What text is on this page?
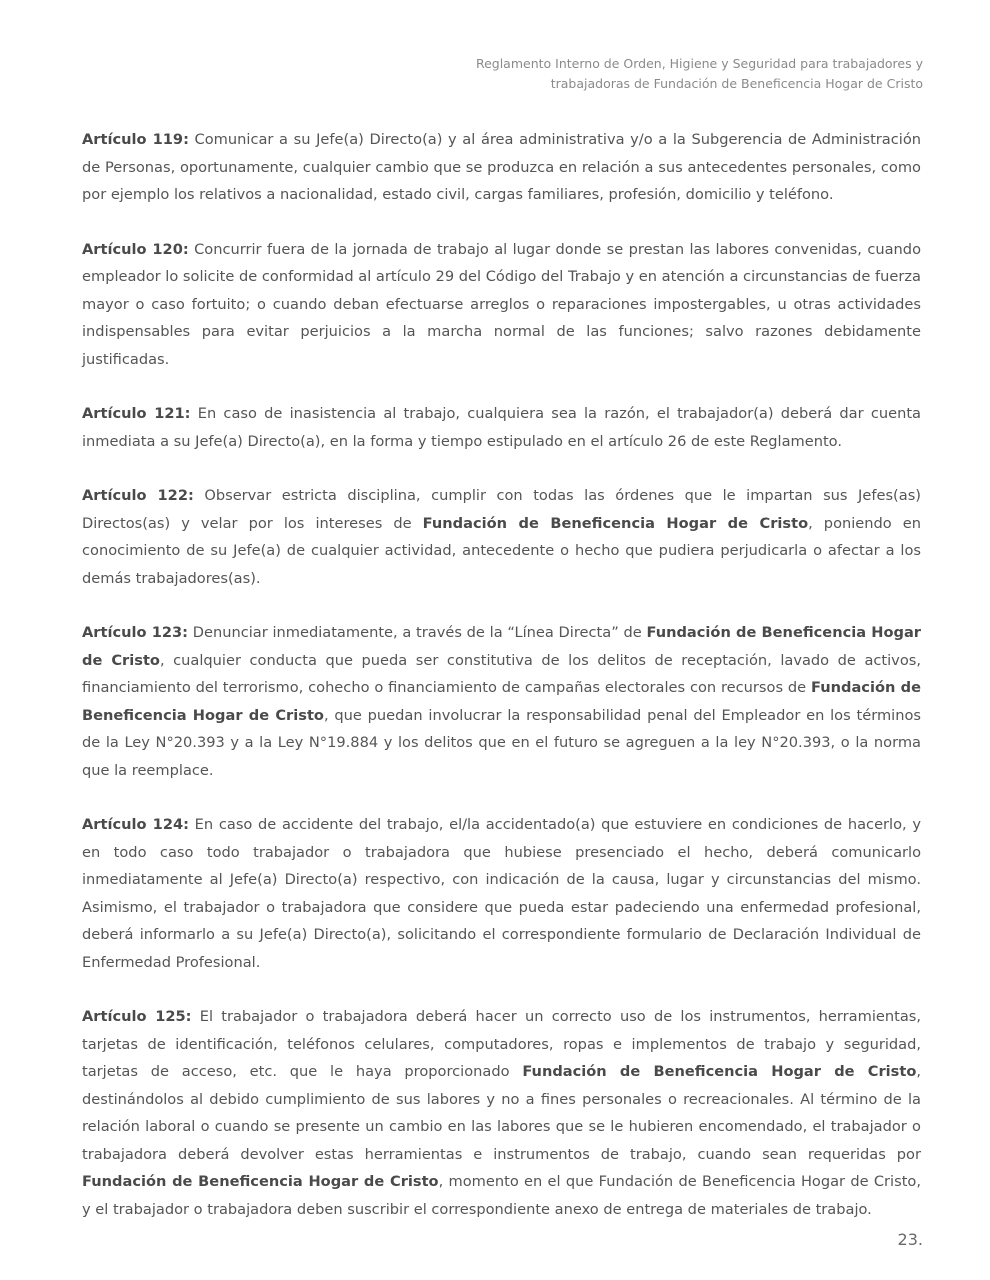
Reglamento Interno de Orden, Higiene y Seguridad para trabajadores y
trabajadoras de Fundación de Beneficencia Hogar de Cristo

Artículo 119: Comunicar a su Jefe(a) Directo(a) y al área administrativa y/o a la Subgerencia de Administración de Personas, oportunamente, cualquier cambio que se produzca en relación a sus antecedentes personales, como por ejemplo los relativos a nacionalidad, estado civil, cargas familiares, profesión, domicilio y teléfono.

Artículo 120: Concurrir fuera de la jornada de trabajo al lugar donde se prestan las labores convenidas, cuando empleador lo solicite de conformidad al artículo 29 del Código del Trabajo y en atención a circunstancias de fuerza mayor o caso fortuito; o cuando deban efectuarse arreglos o reparaciones impostergables, u otras actividades indispensables para evitar perjuicios a la marcha normal de las funciones; salvo razones debidamente justificadas.

Artículo 121: En caso de inasistencia al trabajo, cualquiera sea la razón, el trabajador(a) deberá dar cuenta inmediata a su Jefe(a) Directo(a), en la forma y tiempo estipulado en el artículo 26 de este Reglamento.

Artículo 122: Observar estricta disciplina, cumplir con todas las órdenes que le impartan sus Jefes(as) Directos(as) y velar por los intereses de Fundación de Beneficencia Hogar de Cristo, poniendo en conocimiento de su Jefe(a) de cualquier actividad, antecedente o hecho que pudiera perjudicarla o afectar a los demás trabajadores(as).

Artículo 123: Denunciar inmediatamente, a través de la “Línea Directa” de Fundación de Beneficencia Hogar de Cristo, cualquier conducta que pueda ser constitutiva de los delitos de receptación, lavado de activos, financiamiento del terrorismo, cohecho o financiamiento de campañas electorales con recursos de Fundación de Beneficencia Hogar de Cristo, que puedan involucrar la responsabilidad penal del Empleador en los términos de la Ley N°20.393 y a la Ley N°19.884 y los delitos que en el futuro se agreguen a la ley N°20.393, o la norma que la reemplace.

Artículo 124: En caso de accidente del trabajo, el/la accidentado(a) que estuviere en condiciones de hacerlo, y en todo caso todo trabajador o trabajadora que hubiese presenciado el hecho, deberá comunicarlo inmediatamente al Jefe(a) Directo(a) respectivo, con indicación de la causa, lugar y circunstancias del mismo. Asimismo, el trabajador o trabajadora que considere que pueda estar padeciendo una enfermedad profesional, deberá informarlo a su Jefe(a) Directo(a), solicitando el correspondiente formulario de Declaración Individual de Enfermedad Profesional.

Artículo 125: El trabajador o trabajadora deberá hacer un correcto uso de los instrumentos, herramientas, tarjetas de identificación, teléfonos celulares, computadores, ropas e implementos de trabajo y seguridad, tarjetas de acceso, etc. que le haya proporcionado Fundación de Beneficencia Hogar de Cristo, destinándolos al debido cumplimiento de sus labores y no a fines personales o recreacionales. Al término de la relación laboral o cuando se presente un cambio en las labores que se le hubieren encomendado, el trabajador o trabajadora deberá devolver estas herramientas e instrumentos de trabajo, cuando sean requeridas por Fundación de Beneficencia Hogar de Cristo, momento en el que Fundación de Beneficencia Hogar de Cristo, y el trabajador o trabajadora deben suscribir el correspondiente anexo de entrega de materiales de trabajo.

23.
